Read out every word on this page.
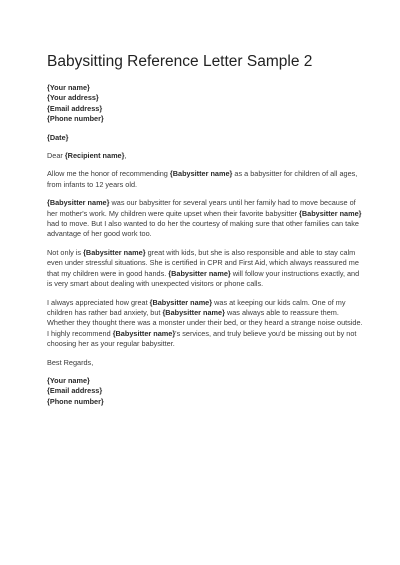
Babysitting Reference Letter Sample 2
{Your name}
{Your address}
{Email address}
{Phone number}
{Date}

Dear {Recipient name},

Allow me the honor of recommending {Babysitter name} as a babysitter for children of all ages, from infants to 12 years old.

{Babysitter name} was our babysitter for several years until her family had to move because of her mother's work. My children were quite upset when their favorite babysitter {Babysitter name} had to move. But I also wanted to do her the courtesy of making sure that other families can take advantage of her good work too.

Not only is {Babysitter name} great with kids, but she is also responsible and able to stay calm even under stressful situations. She is certified in CPR and First Aid, which always reassured me that my children were in good hands. {Babysitter name} will follow your instructions exactly, and is very smart about dealing with unexpected visitors or phone calls.

I always appreciated how great {Babysitter name} was at keeping our kids calm. One of my children has rather bad anxiety, but {Babysitter name} was always able to reassure them. Whether they thought there was a monster under their bed, or they heard a strange noise outside. I highly recommend {Babysitter name}'s services, and truly believe you'd be missing out by not choosing her as your regular babysitter.

Best Regards,

{Your name}
{Email address}
{Phone number}
